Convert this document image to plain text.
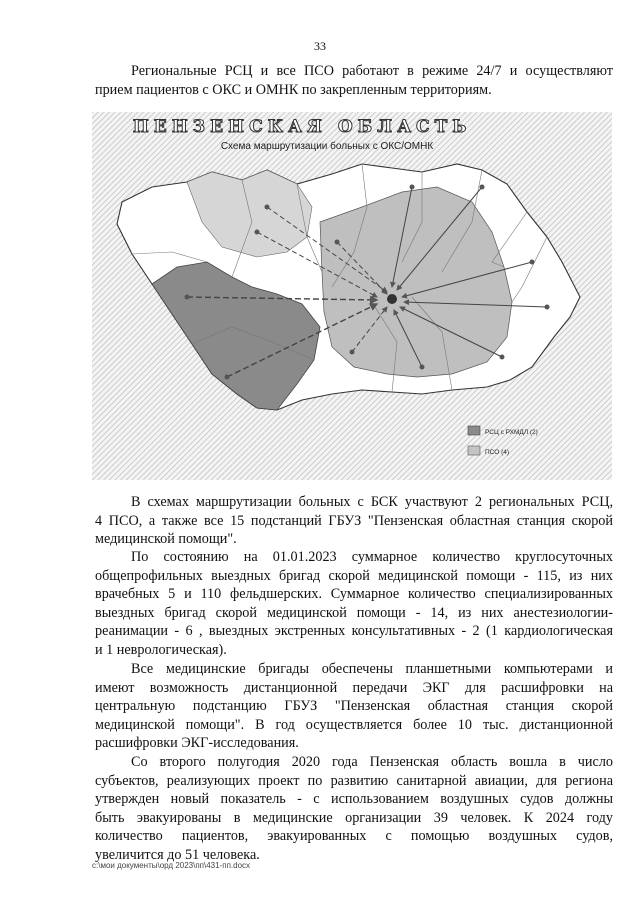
33

Региональные РСЦ и все ПСО работают в режиме 24/7 и осуществляют
прием пациентов с ОКС и ОМНК по закрепленным территориям.

ПЕНЗЕНСКАЯ ОБЛАСТЬ
Схема маршрутизации больных с ОКС/ОМНК
РСЦ с РХМДЛ (2)
ПСО (4)

В схемах маршрутизации больных с БСК участвуют 2 региональных РСЦ,
4 ПСО, а также все 15 подстанций ГБУЗ "Пензенская областная станция скорой
медицинской помощи".

По состоянию на 01.01.2023 суммарное количество круглосуточных
общепрофильных выездных бригад скорой медицинской помощи - 115, из них
врачебных 5 и 110 фельдшерских. Суммарное количество специализированных
выездных бригад скорой медицинской помощи - 14, из них анестезиологии-
реанимации - 6 , выездных экстренных консультативных - 2 (1 кардиологическая
и 1 неврологическая).

Все медицинские бригады обеспечены планшетными компьютерами и
имеют возможность дистанционной передачи ЭКГ для расшифровки на
центральную подстанцию ГБУЗ "Пензенская областная станция скорой
медицинской помощи". В год осуществляется более 10 тыс. дистанционной
расшифровки ЭКГ-исследования.

Со второго полугодия 2020 года Пензенская область вошла в число
субъектов, реализующих проект по развитию санитарной авиации, для региона
утвержден новый показатель - с использованием воздушных судов должны
быть эвакуированы в медицинские организации 39 человек. К 2024 году
количество пациентов, эвакуированных с помощью воздушных судов,
увеличится до 51 человека.

c:\мои документы\орд 2023\пп\431-пп.docx
